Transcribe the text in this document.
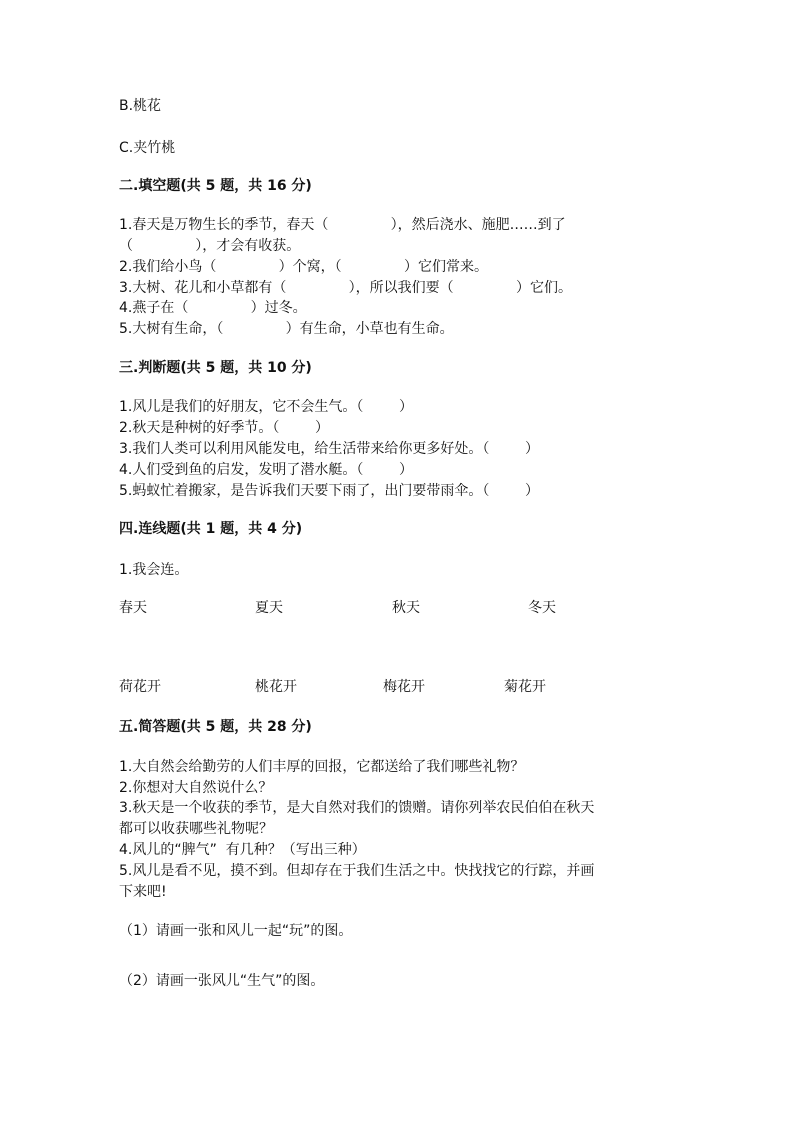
B.桃花
C.夹竹桃
二.填空题(共 5 题，共 16 分)
1.春天是万物生长的季节，春天（              ），然后浇水、施肥……到了
（              ），才会有收获。
2.我们给小鸟（              ）个窝，（              ）它们常来。
3.大树、花儿和小草都有（              ），所以我们要（              ）它们。
4.燕子在（              ）过冬。
5.大树有生命，（              ）有生命，小草也有生命。
三.判断题(共 5 题，共 10 分)
1.风儿是我们的好朋友，它不会生气。（        ）
2.秋天是种树的好季节。（        ）
3.我们人类可以利用风能发电，给生活带来给你更多好处。（        ）
4.人们受到鱼的启发，发明了潜水艇。（        ）
5.蚂蚁忙着搬家，是告诉我们天要下雨了，出门要带雨伞。（        ）
四.连线题(共 1 题，共 4 分)
1.我会连。
春天	夏天	秋天	冬天
荷花开	桃花开	梅花开	菊花开
五.简答题(共 5 题，共 28 分)
1.大自然会给勤劳的人们丰厚的回报，它都送给了我们哪些礼物？
2.你想对大自然说什么？
3.秋天是一个收获的季节，是大自然对我们的馈赠。请你列举农民伯伯在秋天
都可以收获哪些礼物呢？
4.风儿的“脾气”  有几种？（写出三种）
5.风儿是看不见，摸不到。但却存在于我们生活之中。快找找它的行踪，并画
下来吧!
（1）请画一张和风儿一起“玩”的图。
（2）请画一张风儿“生气”的图。
